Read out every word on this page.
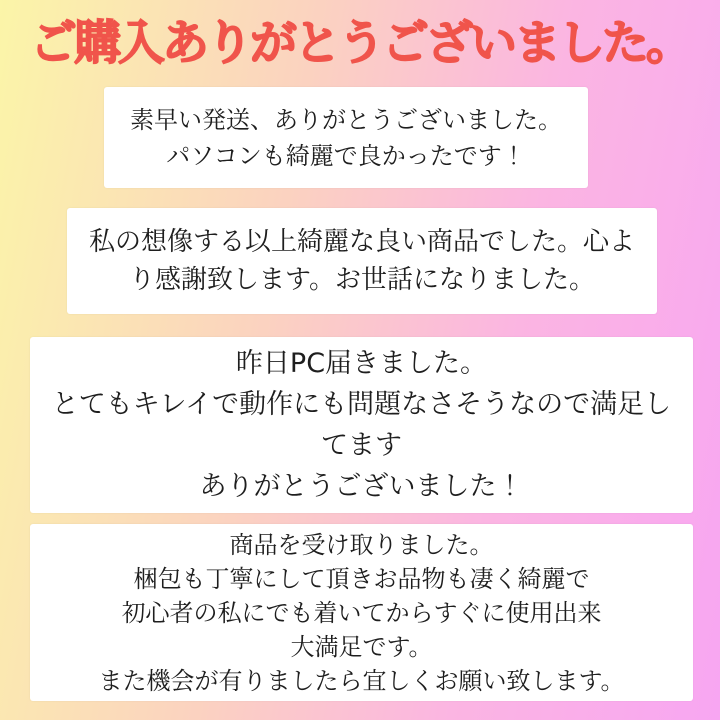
ご購入ありがとうございました。

素早い発送、ありがとうございました。

パソコンも綺麗で良かったです！

私の想像する以上綺麗な良い商品でした。心よ

り感謝致します。お世話になりました。

昨日PC届きました。

とてもキレイで動作にも問題なさそうなので満足し

てます

ありがとうございました！

商品を受け取りました。

梱包も丁寧にして頂きお品物も凄く綺麗で

初心者の私にでも着いてからすぐに使用出来

大満足です。

また機会が有りましたら宜しくお願い致します。
